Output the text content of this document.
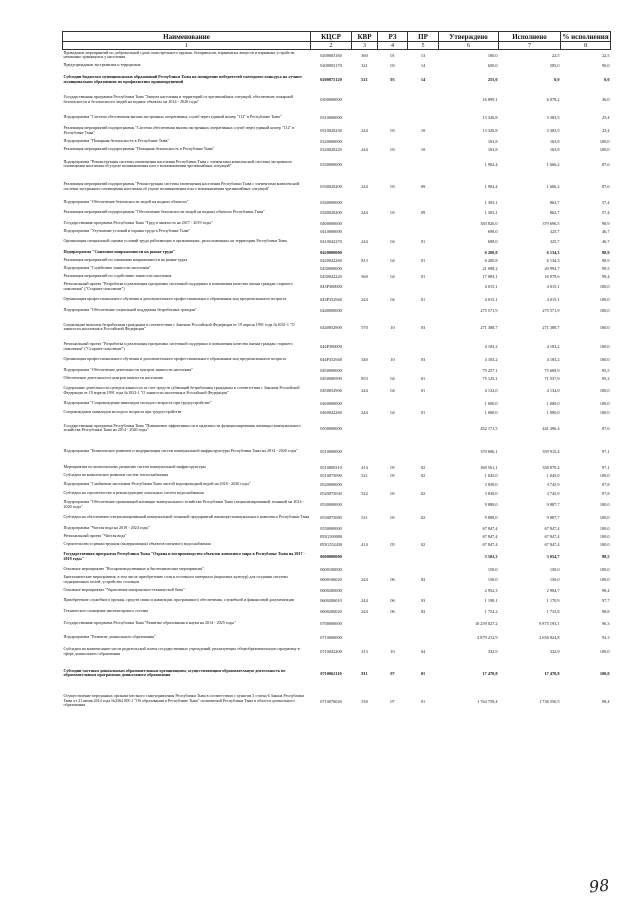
Наименование	КЦСР	КВР	РЗ	ПР	Утверждено	Исполнено	% исполнения
1	2	3	4	5	6	7	8
Проведение мероприятий по добровольной сдаче огнестрельного оружия, боеприпасов, взрывчатых веществ и взрывных устройств, незаконно хранящихся у населения	0200003160	360	01	13	100,0	22,5	22,5
Предупреждение экстремизма и терроризма	0200003170	321	03	14	650,0	585,0	90,0
Субсидии бюджетам муниципальных образований Республики Тыва на поощрение победителей ежегодного конкурса на лучшее муниципальное образование по профилактике правонарушений	0200075120	521	03	14	255,0	0,0	0,0
Государственная программа Республики Тыва "Защита населения и территорий от чрезвычайных ситуаций, обеспечение пожарной безопасности и безопасности людей на водных объектах на 2014 - 2020 годы"	0300000000				16 899,1	6 078,2	36,0
Подпрограмма "Система обеспечения вызова экстренных оперативных служб через единый номер "112" в Республике Тыва"	0310000000				13 326,8	3 383,5	25,4
Реализация мероприятий подпрограммы "Система обеспечения вызова экстренных оперативных служб через единый номер "112" в Республике Тыва"	0310020230	244	03	10	13 326,8	3 383,5	25,4
Подпрограмма "Пожарная безопасность в Республике Тыва"	0320000000				163,8	163,8	100,0
Реализация мероприятий подпрограммы "Пожарная безопасность в Республике Тыва"	0320020220	244	03	10	163,8	163,8	100,0
Подпрограмма "Реконструкция системы оповещения населения Республики Тыва с элементами комплексной системы экстренного оповещения населения об угрозе возникновения или о возникновении чрезвычайных ситуаций"	0330000000				1 902,4	1 666,2	87,6
Реализация мероприятий подпрограммы "Реконструкция системы оповещения населения Республики Тыва с элементами комплексной системы экстренного оповещения населения об угрозе возникновения или о возникновении чрезвычайных ситуаций"	0330020200	244	03	09	1 902,4	1 666,2	87,6
Подпрограмма "Обеспечение безопасности людей на водных объектах"	0340000000				1 303,1	862,7	57,4
Реализация мероприятий подпрограммы "Обеспечение безопасности людей на водных объектах Республики Тыва"	0340020200	244	03	09	1 303,1	862,7	57,4
Государственная программа Республики Тыва "Труд и занятость на 2017 - 2019 годы"	0400000000				383 826,0	379 696,5	98,9
Подпрограмма "Улучшение условий и охраны труда в Республике Тыва"	0410000000				698,0	325,7	46,7
Организация специальной оценки условий труда работающих в организациях, расположенных на территории Республики Тыва	0410042270	244	04	01	698,0	325,7	46,7
Подпрограмма "Снижение напряженности на рынке труда"	0420000000				6 200,8	6 134,3	98,9
Реализация мероприятий по снижению напряженности на рынке труда	0420042260	813	04	01	6 200,8	6 134,3	98,9
Подпрограмма "Содействие занятости населения"	0430000000				21 098,2	20 994,7	99,5
Реализация мероприятий по содействию занятости населения	0430042220	360	04	01	17 083,1	16 979,6	99,4
Региональный проект "Разработка и реализация программы системной поддержки и повышения качества жизни граждан старшего поколения" ("Старшее поколение")	043P300000				4 015,1	4 015,1	100,0
Организация профессионального обучения и дополнительного профессионального образования лиц предпенсионного возраста	043P352940	244	04	01	4 015,1	4 015,1	100,0
Подпрограмма "Обеспечение социальной поддержки безработных граждан"	0440000000				275 571,9	275 571,9	100,0
Социальные выплаты безработным гражданам в соответствии с Законом Российской Федерации от 19 апреля 1991 года №1032-1 "О занятости населения в Российской Федерации"	0440052900	570	10	03	271 388,7	271 388,7	100,0
Региональный проект "Разработка и реализация программы системной поддержки и повышения качества жизни граждан старшего поколения" ("Старшее поколение")	044P300000				4 183,2	4 183,2	100,0
Организация профессионального обучения и дополнительного профессионального образования лиц предпенсионного возраста	044P352940	340	10	03	4 183,2	4 183,2	100,0
Подпрограмма "Обеспечение деятельности центров занятости населения"	0450000000				79 257,1	75 669,9	95,5
Обеспечение деятельности центров занятости населения	0450000590	853	04	01	75 125,1	71 537,9	95,2
Содержание деятельности центров занятости за счет средств субвенций безработным гражданам в соответствии с Законом Российской Федерации от 19 апреля 1991 года №1032-1 "О занятости населения в Российской Федерации"	0450052906	244	04	01	4 132,0	4 132,0	100,0
Подпрограмма "Сопровождение инвалидов молодого возраста при трудоустройстве"	0460000000				1 000,0	1 000,0	100,0
Сопровождение инвалидов молодого возраста при трудоустройстве	0460042260	244	04	01	1 000,0	1 000,0	100,0
Государственная программа Республики Тыва "Повышение эффективности и надежности функционирования жилищно-коммунального хозяйства Республики Тыва на 2014 - 2020 годы"	0500000000				452 171,5	441 396,4	97,6
Подпрограмма "Комплексное развитие и модернизация систем коммунальной инфраструктуры Республики Тыва на 2014 - 2020 годы"	0510000000				370 606,1	359 915,4	97,1
Мероприятия по комплексному развитию систем коммунальной инфраструктуры	0510000310	414	05	02	369 561,1	358 870,4	97,1
Субсидии на комплексное развитие систем теплоснабжения	0510075090	521	05	02	1 045,0	1 045,0	100,0
Подпрограмма "Снабжение населения Республики Тыва чистой водопроводной водой на 2018 - 2020 годы"	0520000000				3 830,0	3 745,9	97,8
Субсидии на строительство и реконструкцию локальных систем водоснабжения	0520075030	522	05	02	3 830,0	3 745,9	97,8
Подпрограмма "Обеспечение организаций жилищно-коммунального хозяйства Республики Тыва специализированной техникой на 2014 - 2020 годы"	0530000000				9 888,0	9 887,7	100,0
Субсидии на обеспечение специализированной коммунальной техникой предприятий жилищно-коммунального комплекса Республики Тыва	0530075080	521	05	02	9 888,0	9 887,7	100,0
Подпрограмма "Чистая вода на 2019 - 2024 годы"	0550000000				67 847,4	67 847,4	100,0
Региональный проект "Чистая вода"	055G500000				67 847,4	67 847,4	100,0
Строительство и реконструкция (модернизация) объектов питьевого водоснабжения	055G552430	414	05	02	67 847,4	67 847,4	100,0
Государственная программа Республики Тыва "Охрана и воспроизводство объектов животного мира в Республике Тыва на 2017 - 2019 годы"	0600000000				3 102,3	3 054,7	98,5
Основное мероприятие "Воспроизводственные и биотехнические мероприятия"	0600100000				150,0	150,0	100,0
Биотехнические мероприятия, в том числе приобретение соли и посевного материала (кормовых культур) для создания системы подкормочных полей, устройство солонцов	0600106020	244	06	03	150,0	150,0	100,0
Основное мероприятие "Укрепление материально-технической базы"	0600200000				2 952,3	2 904,7	98,4
Приобретение служебного оружия, средств связи и навигации, программного обеспечения, служебной и финансовой документации	0600206010	244	06	03	1 198,1	1 170,9	97,7
Техническое оснащение инспекторского состава	0600206020	244	06	03	1 754,2	1 733,8	98,8
Государственная программа Республики Тыва "Развитие образования и науки на 2014 - 2025 годы"	0700000000				10 259 027,2	9 875 193,1	96,3
Подпрограмма "Развитие дошкольного образования"	0710000000				2 879 212,9	2 656 924,8	92,3
Субсидии на компенсацию части родительской платы государственных учреждений, реализующих общеобразовательную программу в сфере дошкольного образования	0710042200	313	10	04	332,9	332,9	100,0
Субсидии частным дошкольным образовательным организациям, осуществляющим образовательную деятельность по образовательным программам дошкольного образования	0710062110	811	07	01	17 470,8	17 470,8	100,0
Осуществление переданных органам местного самоуправления Республики Тыва в соответствии с пунктом 3 статьи 6 Закона Республики Тыва от 21 июня 2014 года №2362 ВХ-1 "Об образовании в Республике Тыва" полномочий Республики Тыва в области дошкольного образования	0710076020	530	07	01	1 764 759,4	1 736 550,5	98,4
98
